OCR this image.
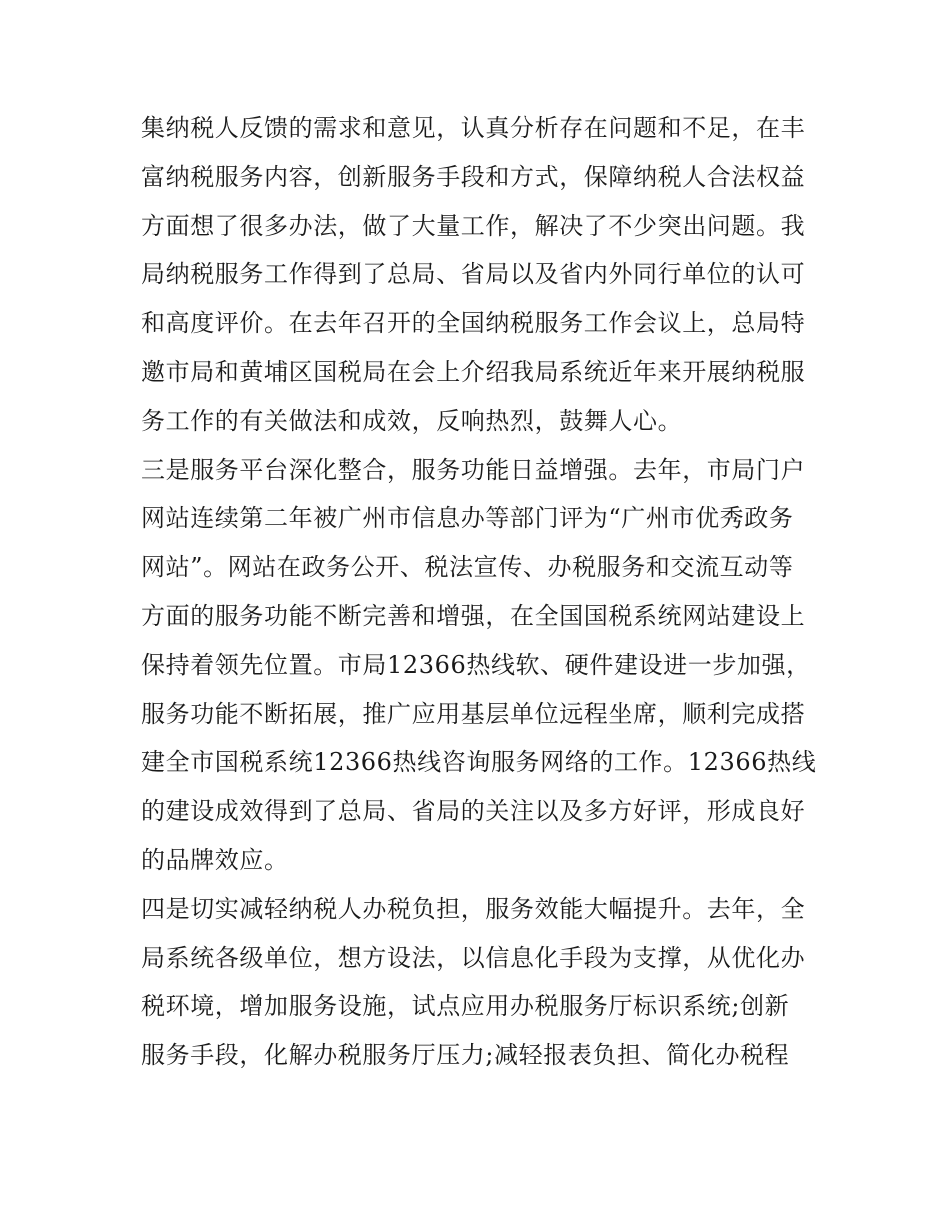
集纳税人反馈的需求和意见，认真分析存在问题和不足，在丰
富纳税服务内容，创新服务手段和方式，保障纳税人合法权益
方面想了很多办法，做了大量工作，解决了不少突出问题。我
局纳税服务工作得到了总局、省局以及省内外同行单位的认可
和高度评价。在去年召开的全国纳税服务工作会议上，总局特
邀市局和黄埔区国税局在会上介绍我局系统近年来开展纳税服
务工作的有关做法和成效，反响热烈，鼓舞人心。
三是服务平台深化整合，服务功能日益增强。去年，市局门户
网站连续第二年被广州市信息办等部门评为“广州市优秀政务
网站”。网站在政务公开、税法宣传、办税服务和交流互动等
方面的服务功能不断完善和增强，在全国国税系统网站建设上
保持着领先位置。市局12366热线软、硬件建设进一步加强，
服务功能不断拓展，推广应用基层单位远程坐席，顺利完成搭
建全市国税系统12366热线咨询服务网络的工作。12366热线
的建设成效得到了总局、省局的关注以及多方好评，形成良好
的品牌效应。
四是切实减轻纳税人办税负担，服务效能大幅提升。去年，全
局系统各级单位，想方设法，以信息化手段为支撑，从优化办
税环境，增加服务设施，试点应用办税服务厅标识系统;创新
服务手段，化解办税服务厅压力;减轻报表负担、简化办税程
